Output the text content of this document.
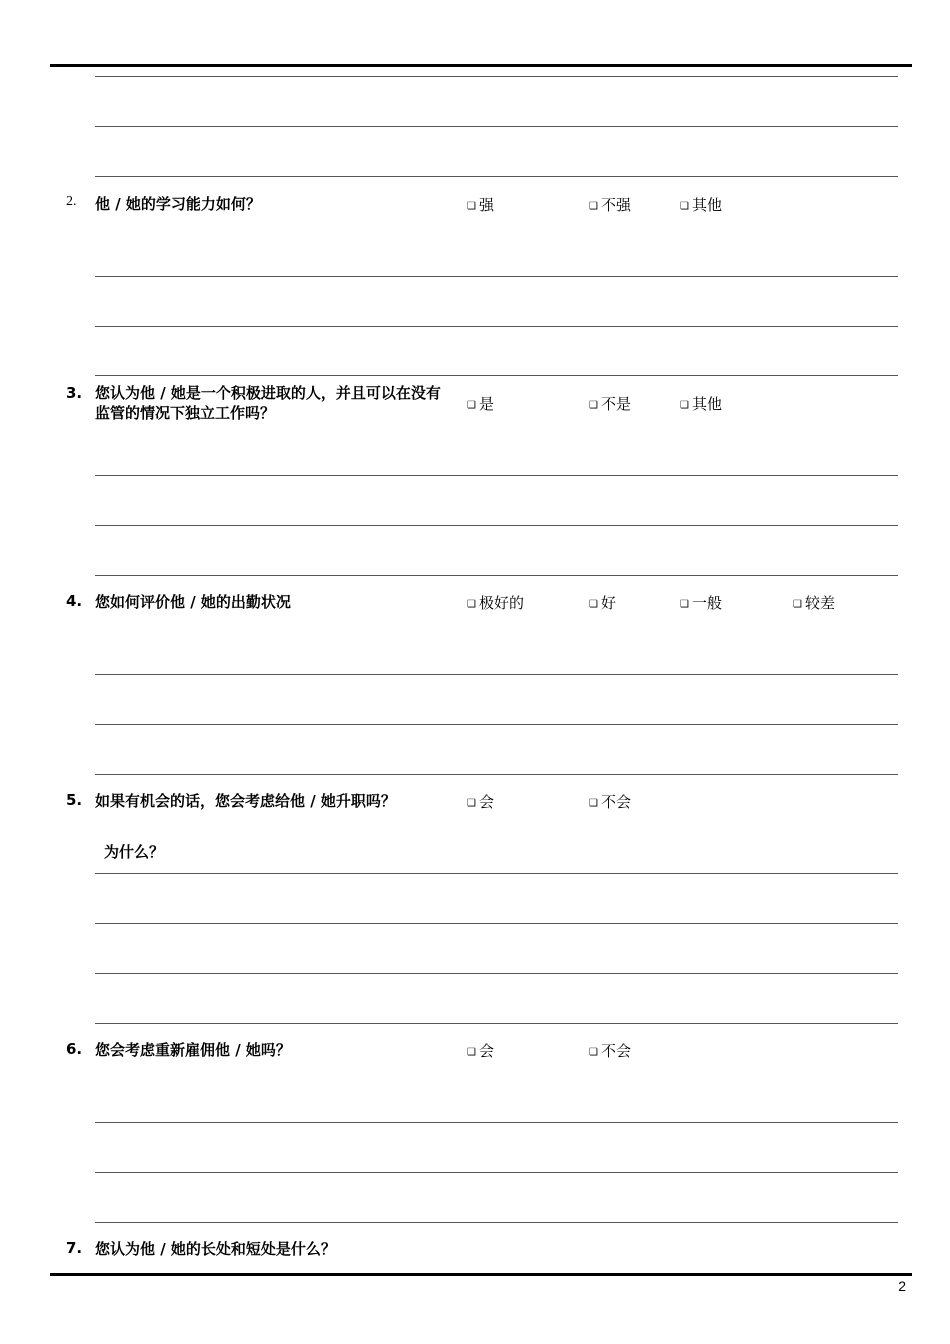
2. 他 / 她的学习能力如何？	❑ 强	❑ 不强	❑ 其他
3. 您认为他 / 她是一个积极进取的人，并且可以在没有监管的情况下独立工作吗？	❑ 是	❑ 不是	❑ 其他
4. 您如何评价他 / 她的出勤状况	❑ 极好的	❑ 好	❑ 一般	❑ 较差
5. 如果有机会的话，您会考虑给他 / 她升职吗？	❑ 会	❑ 不会
为什么？
6. 您会考虑重新雇佣他 / 她吗？	❑ 会	❑ 不会
7. 您认为他 / 她的长处和短处是什么？
2
